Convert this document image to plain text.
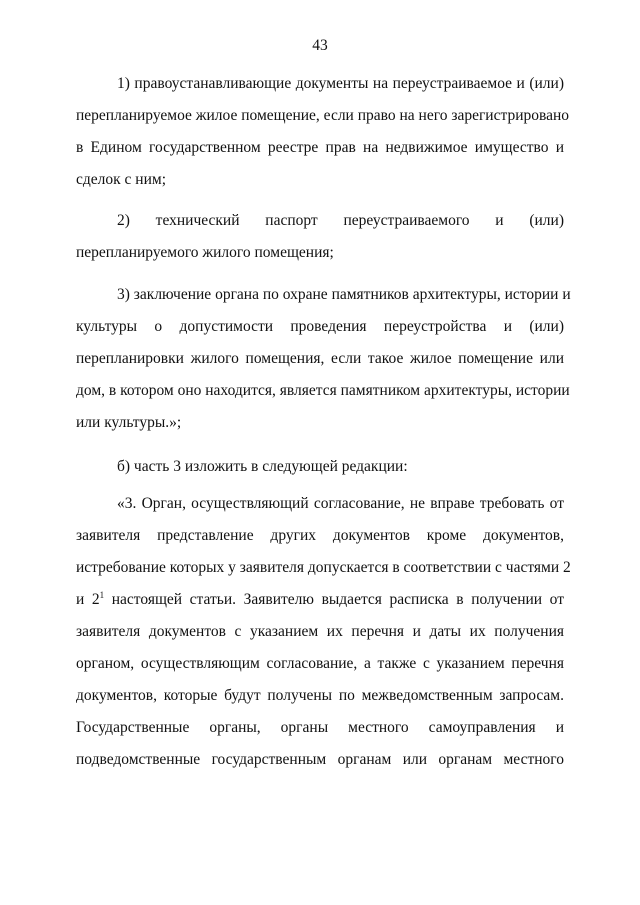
43
1) правоустанавливающие документы на переустраиваемое и (или)
перепланируемое жилое помещение, если право на него зарегистрировано
в Едином государственном реестре прав на недвижимое имущество и
сделок с ним;
2) технический паспорт переустраиваемого и (или)
перепланируемого жилого помещения;
3) заключение органа по охране памятников архитектуры, истории и
культуры о допустимости проведения переустройства и (или)
перепланировки жилого помещения, если такое жилое помещение или
дом, в котором оно находится, является памятником архитектуры, истории
или культуры.»;
б) часть 3 изложить в следующей редакции:
«3. Орган, осуществляющий согласование, не вправе требовать от
заявителя представление других документов кроме документов,
истребование которых у заявителя допускается в соответствии с частями 2
и $2^1$ настоящей статьи. Заявителю выдается расписка в получении от
заявителя документов с указанием их перечня и даты их получения
органом, осуществляющим согласование, а также с указанием перечня
документов, которые будут получены по межведомственным запросам.
Государственные органы, органы местного самоуправления и
подведомственные государственным органам или органам местного
